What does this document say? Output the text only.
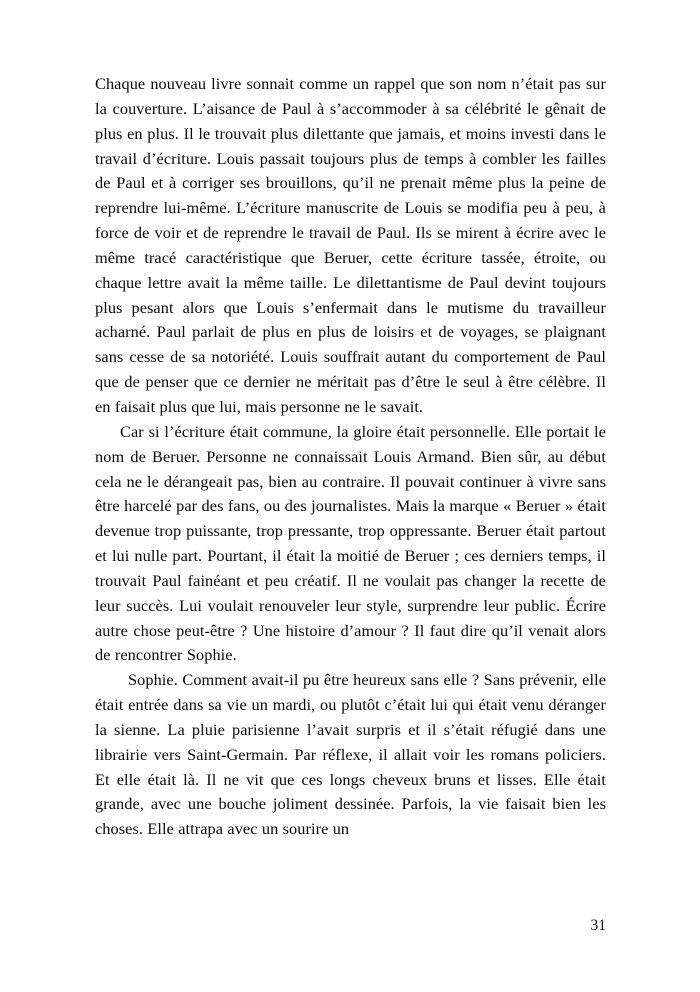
Chaque nouveau livre sonnait comme un rappel que son nom n’était pas sur la couverture. L’aisance de Paul à s’accommoder à sa célébrité le gênait de plus en plus. Il le trouvait plus dilettante que jamais, et moins investi dans le travail d’écriture. Louis passait toujours plus de temps à combler les failles de Paul et à corriger ses brouillons, qu’il ne prenait même plus la peine de reprendre lui-même. L’écriture manuscrite de Louis se modifia peu à peu, à force de voir et de reprendre le travail de Paul. Ils se mirent à écrire avec le même tracé caractéristique que Beruer, cette écriture tassée, étroite, ou chaque lettre avait la même taille. Le dilettantisme de Paul devint toujours plus pesant alors que Louis s’enfermait dans le mutisme du travailleur acharné. Paul parlait de plus en plus de loisirs et de voyages, se plaignant sans cesse de sa notoriété. Louis souffrait autant du comportement de Paul que de penser que ce dernier ne méritait pas d’être le seul à être célèbre. Il en faisait plus que lui, mais personne ne le savait.

Car si l’écriture était commune, la gloire était personnelle. Elle portait le nom de Beruer. Personne ne connaissait Louis Armand. Bien sûr, au début cela ne le dérangeait pas, bien au contraire. Il pouvait continuer à vivre sans être harcelé par des fans, ou des journalistes. Mais la marque « Beruer » était devenue trop puissante, trop pressante, trop oppressante. Beruer était partout et lui nulle part. Pourtant, il était la moitié de Beruer ; ces derniers temps, il trouvait Paul fainéant et peu créatif. Il ne voulait pas changer la recette de leur succès. Lui voulait renouveler leur style, surprendre leur public. Écrire autre chose peut-être ? Une histoire d’amour ? Il faut dire qu’il venait alors de rencontrer Sophie.

Sophie. Comment avait-il pu être heureux sans elle ? Sans prévenir, elle était entrée dans sa vie un mardi, ou plutôt c’était lui qui était venu déranger la sienne. La pluie parisienne l’avait surpris et il s’était réfugié dans une librairie vers Saint-Germain. Par réflexe, il allait voir les romans policiers. Et elle était là. Il ne vit que ces longs cheveux bruns et lisses. Elle était grande, avec une bouche joliment dessinée. Parfois, la vie faisait bien les choses. Elle attrapa avec un sourire un

31
